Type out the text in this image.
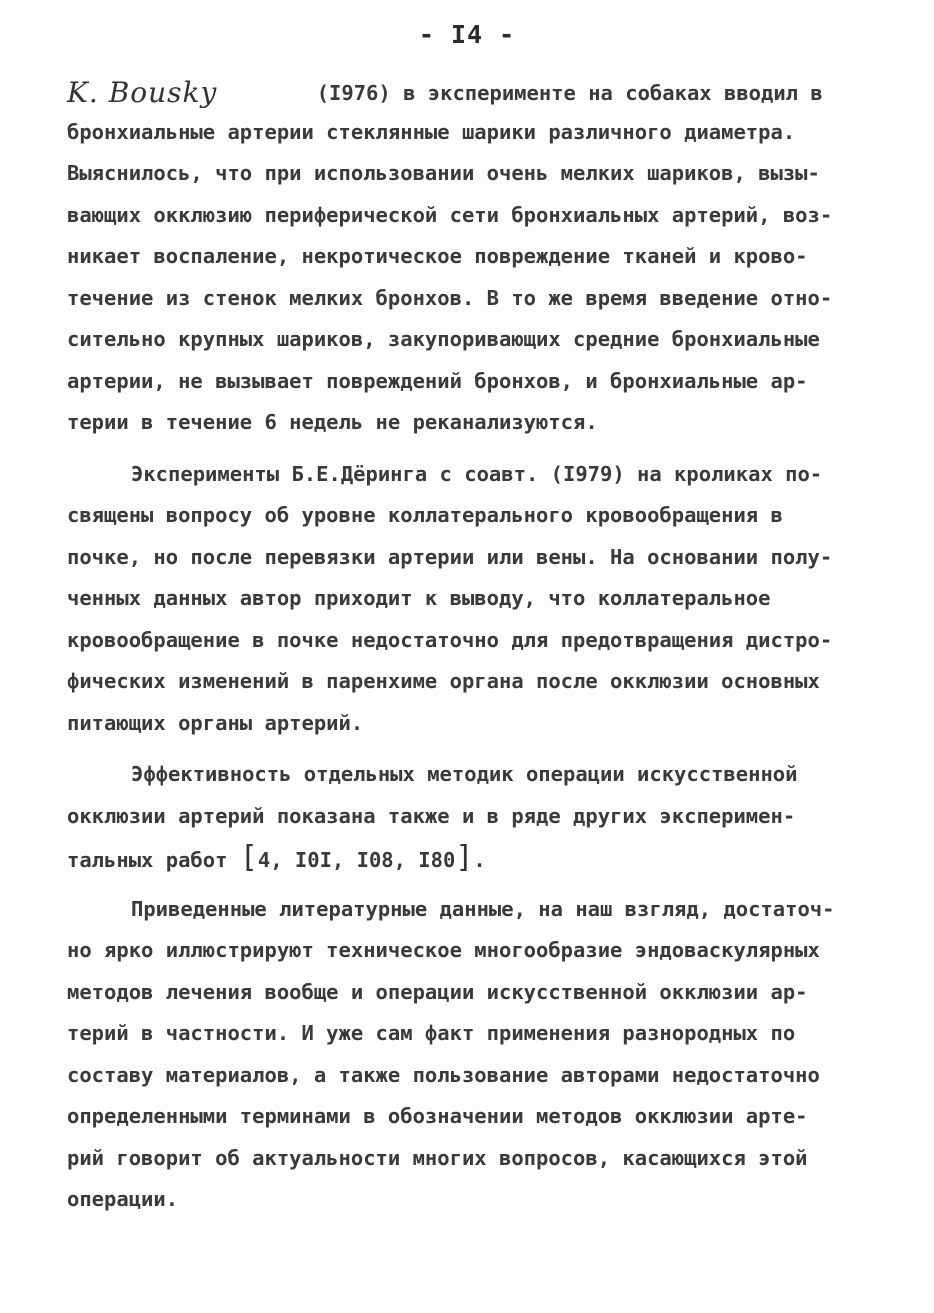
- I4 -
K. Bousky	(I976) в эксперименте на собаках вводил в
бронхиальные артерии стеклянные шарики различного диаметра.
Выяснилось, что при использовании очень мелких шариков, вызы-
вающих окклюзию периферической сети бронхиальных артерий, воз-
никает воспаление, некротическое повреждение тканей и крово-
течение из стенок мелких бронхов. В то же время введение отно-
сительно крупных шариков, закупоривающих средние бронхиальные
артерии, не вызывает повреждений бронхов, и бронхиальные ар-
терии в течение 6 недель не реканализуются.
Эксперименты Б.Е.Дёринга с соавт. (I979) на кроликах по-
священы вопросу об уровне коллатерального кровообращения в
почке, но после перевязки артерии или вены. На основании полу-
ченных данных автор приходит к выводу, что коллатеральное
кровообращение в почке недостаточно для предотвращения дистро-
фических изменений в паренхиме органа после окклюзии основных
питающих органы артерий.
Эффективность отдельных методик операции искусственной
окклюзии артерий показана также и в ряде других эксперимен-
тальных работ [4, I0I, I08, I80].
Приведенные литературные данные, на наш взгляд, достаточ-
но ярко иллюстрируют техническое многообразие эндоваскулярных
методов лечения вообще и операции искусственной окклюзии ар-
терий в частности. И уже сам факт применения разнородных по
составу материалов, а также пользование авторами недостаточно
определенными терминами в обозначении методов окклюзии арте-
рий говорит об актуальности многих вопросов, касающихся этой
операции.
